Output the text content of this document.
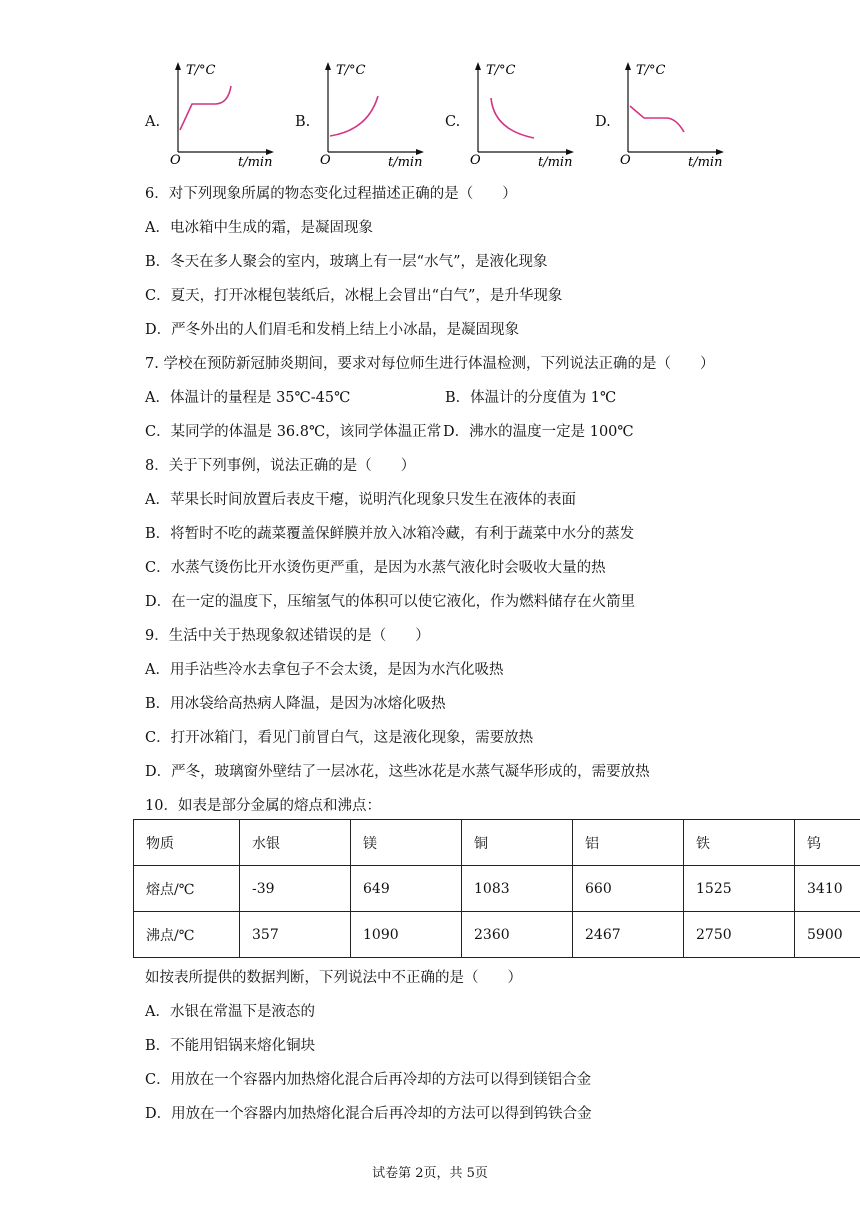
A.
T/°C
O	t/min
B.
T/°C
O	t/min
C.
T/°C
O	t/min
D.
T/°C
O	t/min
6．对下列现象所属的物态变化过程描述正确的是（　　）
A．电冰箱中生成的霜，是凝固现象
B．冬天在多人聚会的室内，玻璃上有一层“水气”，是液化现象
C．夏天，打开冰棍包装纸后，冰棍上会冒出“白气”，是升华现象
D．严冬外出的人们眉毛和发梢上结上小冰晶，是凝固现象
7. 学校在预防新冠肺炎期间，要求对每位师生进行体温检测，下列说法正确的是（　　）
A．体温计的量程是 35℃-45℃	B．体温计的分度值为 1℃
C．某同学的体温是 36.8℃，该同学体温正常 D．沸水的温度一定是 100℃
8．关于下列事例，说法正确的是（　　）
A．苹果长时间放置后表皮干瘪，说明汽化现象只发生在液体的表面
B．将暂时不吃的蔬菜覆盖保鲜膜并放入冰箱冷藏，有利于蔬菜中水分的蒸发
C．水蒸气烫伤比开水烫伤更严重，是因为水蒸气液化时会吸收大量的热
D．在一定的温度下，压缩氢气的体积可以使它液化，作为燃料储存在火箭里
9．生活中关于热现象叙述错误的是（　　）
A．用手沾些冷水去拿包子不会太烫，是因为水汽化吸热
B．用冰袋给高热病人降温，是因为冰熔化吸热
C．打开冰箱门，看见门前冒白气，这是液化现象，需要放热
D．严冬，玻璃窗外壁结了一层冰花，这些冰花是水蒸气凝华形成的，需要放热
10．如表是部分金属的熔点和沸点：
物质	水银	镁	铜	铝	铁	钨
熔点/℃	-39	649	1083	660	1525	3410
沸点/℃	357	1090	2360	2467	2750	5900
如按表所提供的数据判断，下列说法中不正确的是（　　）
A．水银在常温下是液态的
B．不能用铝锅来熔化铜块
C．用放在一个容器内加热熔化混合后再冷却的方法可以得到镁铝合金
D．用放在一个容器内加热熔化混合后再冷却的方法可以得到钨铁合金
试卷第 2页，共 5页
